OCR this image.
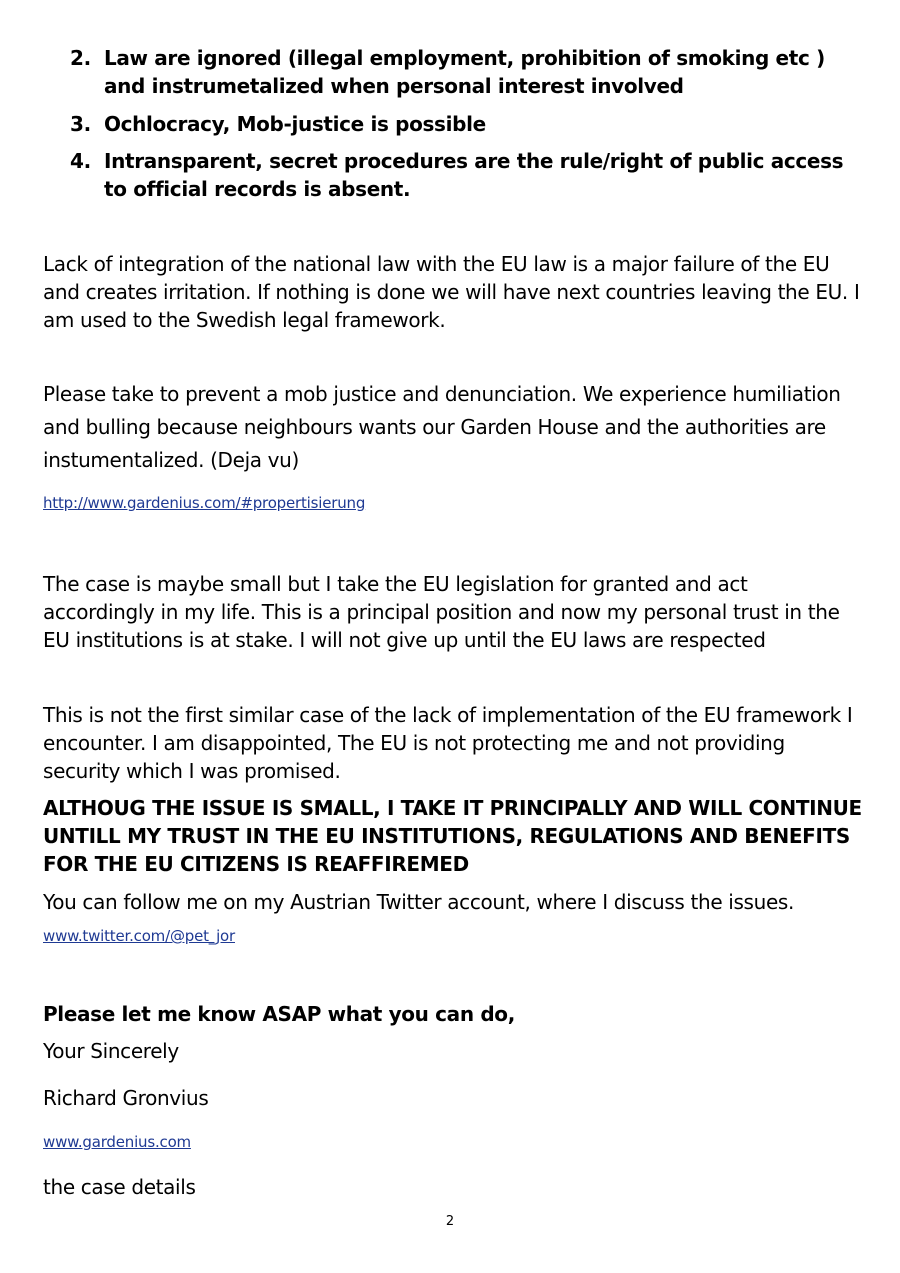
2. Law are ignored (illegal employment, prohibition of smoking etc ) and instrumetalized when personal interest involved
3. Ochlocracy, Mob-justice is possible
4. Intransparent, secret procedures are the rule/right of public access to official records is absent.
Lack of integration of the national law with the EU law is a major failure of the EU and creates irritation. If nothing is done we will have next countries leaving the EU. I am used to the Swedish legal framework.
Please take to prevent a mob justice and denunciation. We experience humiliation and bulling because neighbours wants our Garden House and the authorities are instumentalized. (Deja vu)
http://www.gardenius.com/#propertisierung
The case is maybe small but I take the EU legislation for granted and act accordingly in my life. This is a principal position and now my personal trust in the EU institutions is at stake. I will not give up until the EU laws are respected
This is not the first similar case of the lack of implementation of the EU framework I encounter. I am disappointed, The EU is not protecting me and not providing security which I was promised.
ALTHOUG THE ISSUE IS SMALL, I TAKE IT PRINCIPALLY AND WILL CONTINUE UNTILL MY TRUST IN THE EU INSTITUTIONS, REGULATIONS AND BENEFITS FOR THE EU CITIZENS IS REAFFIREMED
You can follow me on my Austrian Twitter account, where I discuss the issues.
www.twitter.com/@pet_jor
Please let me know ASAP what you can do,
Your Sincerely
Richard Gronvius
www.gardenius.com
the case details
2
